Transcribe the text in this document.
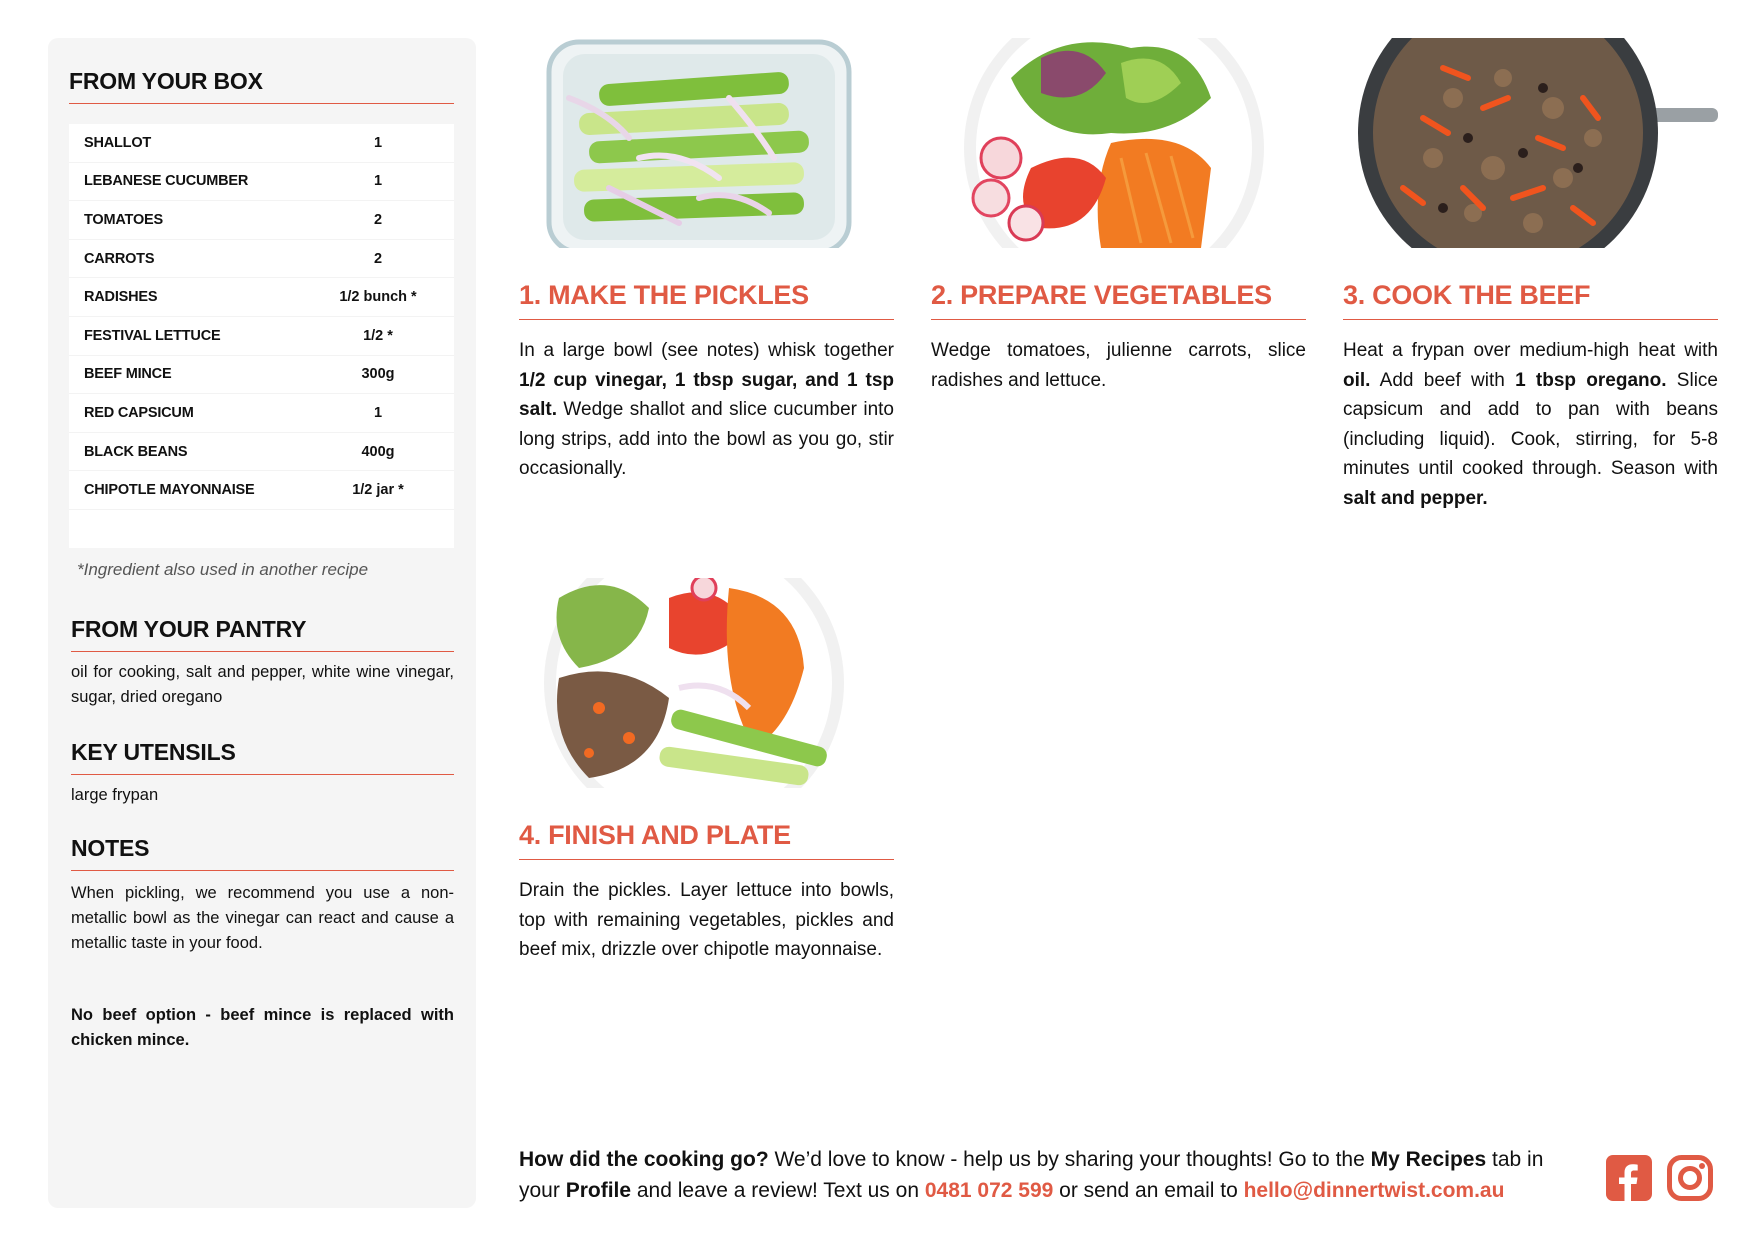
FROM YOUR BOX
SHALLOT	1
LEBANESE CUCUMBER	1
TOMATOES	2
CARROTS	2
RADISHES	1/2 bunch *
FESTIVAL LETTUCE	1/2 *
BEEF MINCE	300g
RED CAPSICUM	1
BLACK BEANS	400g
CHIPOTLE MAYONNAISE	1/2 jar *
*Ingredient also used in another recipe
FROM YOUR PANTRY
oil for cooking, salt and pepper, white wine vinegar, sugar, dried oregano
KEY UTENSILS
large frypan
NOTES
When pickling, we recommend you use a non-metallic bowl as the vinegar can react and cause a metallic taste in your food.
No beef option - beef mince is replaced with chicken mince.
1. MAKE THE PICKLES
In a large bowl (see notes) whisk together 1/2 cup vinegar, 1 tbsp sugar, and 1 tsp salt. Wedge shallot and slice cucumber into long strips, add into the bowl as you go, stir occasionally.
2. PREPARE VEGETABLES
Wedge tomatoes, julienne carrots, slice radishes and lettuce.
3. COOK THE BEEF
Heat a frypan over medium-high heat with oil. Add beef with 1 tbsp oregano. Slice capsicum and add to pan with beans (including liquid). Cook, stirring, for 5-8 minutes until cooked through. Season with salt and pepper.
4. FINISH AND PLATE
Drain the pickles. Layer lettuce into bowls, top with remaining vegetables, pickles and beef mix, drizzle over chipotle mayonnaise.
How did the cooking go? We’d love to know - help us by sharing your thoughts! Go to the My Recipes tab in your Profile and leave a review! Text us on 0481 072 599 or send an email to hello@dinnertwist.com.au
